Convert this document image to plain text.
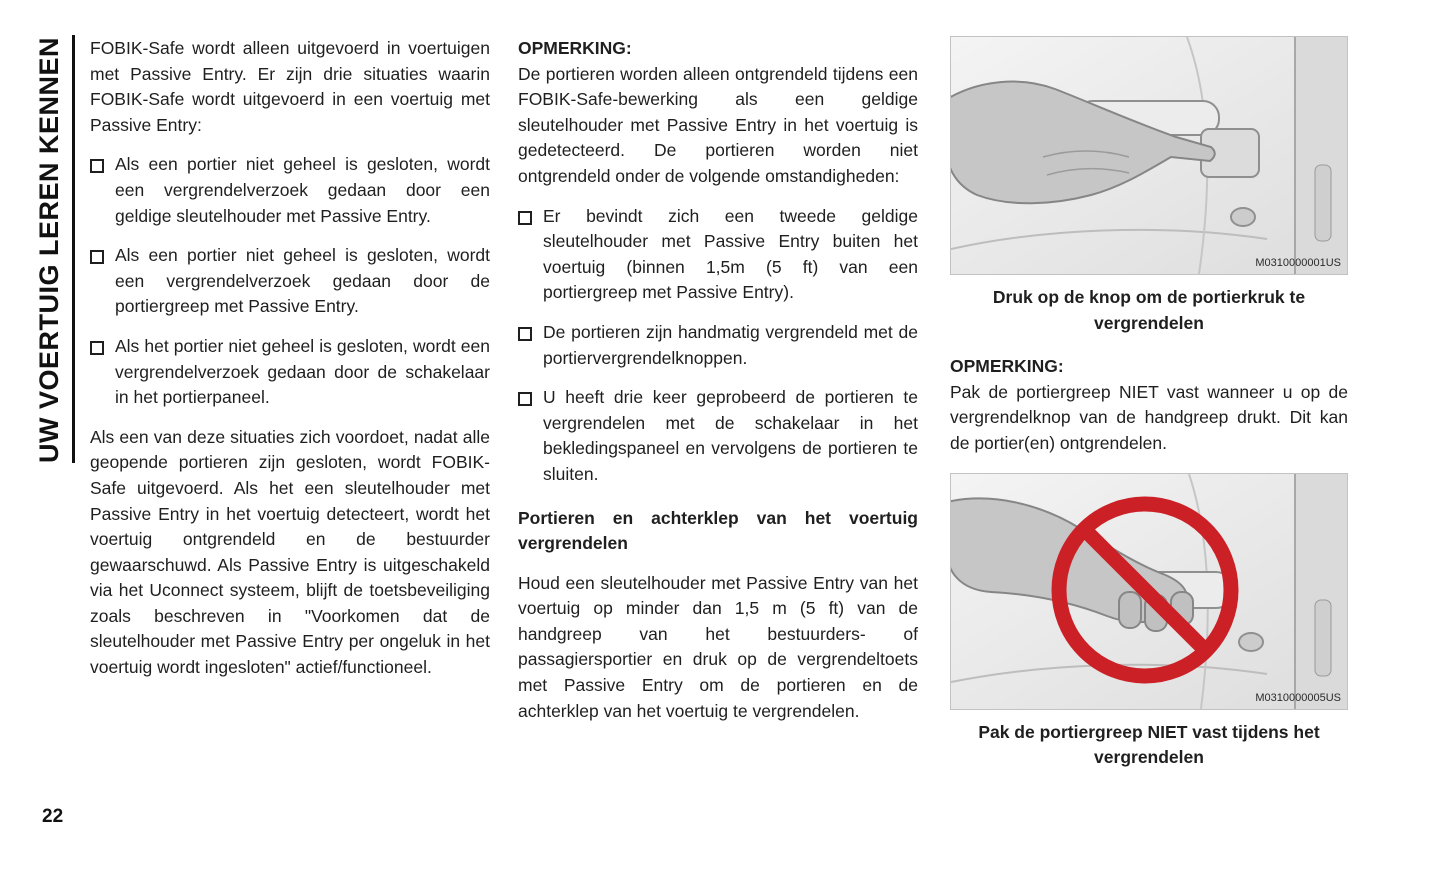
UW VOERTUIG LEREN KENNEN	FOBIK-Safe wordt alleen uitgevoerd in voertuigen met Passive Entry. Er zijn drie situaties waarin FOBIK-Safe wordt uitgevoerd in een voertuig met Passive Entry:

Als een portier niet geheel is gesloten, wordt een vergrendelverzoek gedaan door een geldige sleutelhouder met Passive Entry.
Als een portier niet geheel is gesloten, wordt een vergrendelverzoek gedaan door de portiergreep met Passive Entry.
Als het portier niet geheel is gesloten, wordt een vergrendelverzoek gedaan door de schakelaar in het portierpaneel.

Als een van deze situaties zich voordoet, nadat alle geopende portieren zijn gesloten, wordt FOBIK-Safe uitgevoerd. Als het een sleutelhouder met Passive Entry in het voertuig detecteert, wordt het voertuig ontgrendeld en de bestuurder gewaarschuwd. Als Passive Entry is uitgeschakeld via het Uconnect systeem, blijft de toetsbeveiliging zoals beschreven in "Voorkomen dat de sleutelhouder met Passive Entry per ongeluk in het voertuig wordt ingesloten" actief/functioneel.

OPMERKING:

De portieren worden alleen ontgrendeld tijdens een FOBIK-Safe-bewerking als een geldige sleutelhouder met Passive Entry in het voertuig is gedetecteerd. De portieren worden niet ontgrendeld onder de volgende omstandigheden:

Er bevindt zich een tweede geldige sleutelhouder met Passive Entry buiten het voertuig (binnen 1,5m (5 ft) van een portiergreep met Passive Entry).
De portieren zijn handmatig vergrendeld met de portiervergrendelknoppen.
U heeft drie keer geprobeerd de portieren te vergrendelen met de schakelaar in het bekledingspaneel en vervolgens de portieren te sluiten.
Portieren en achterklep van het voertuig vergrendelen

Houd een sleutelhouder met Passive Entry van het voertuig op minder dan 1,5 m (5 ft) van de handgreep van het bestuurders- of passagiersportier en druk op de vergrendeltoets met Passive Entry om de portieren en de achterklep van het voertuig te vergrendelen.

M0310000001US

Druk op de knop om de portierkruk te vergrendelen

OPMERKING:

Pak de portiergreep NIET vast wanneer u op de vergrendelknop van de handgreep drukt. Dit kan de portier(en) ontgrendelen.

M0310000005US

Pak de portiergreep NIET vast tijdens het vergrendelen

22
